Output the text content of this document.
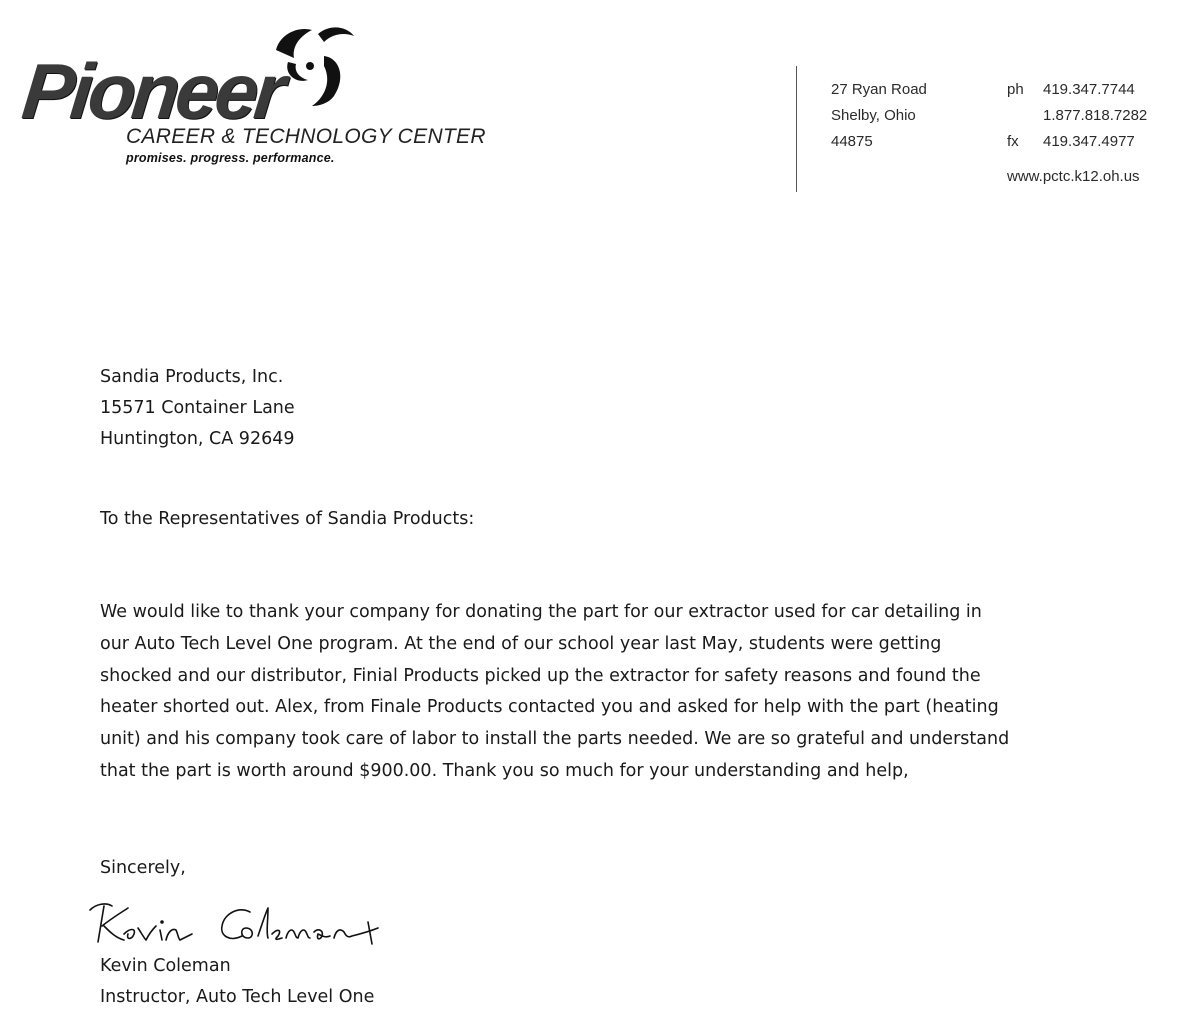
Pioneer
CAREER & TECHNOLOGY CENTER
promises. progress. performance.
27 Ryan Road
Shelby, Ohio
44875
ph 419.347.7744
1.877.818.7282
fx 419.347.4977
www.pctc.k12.oh.us
Sandia Products, Inc.
15571 Container Lane
Huntington, CA 92649
To the Representatives of Sandia Products:
We would like to thank your company for donating the part for our extractor used for car detailing in
our Auto Tech Level One program. At the end of our school year last May, students were getting
shocked and our distributor, Finial Products picked up the extractor for safety reasons and found the
heater shorted out. Alex, from Finale Products contacted you and asked for help with the part (heating
unit) and his company took care of labor to install the parts needed. We are so grateful and understand
that the part is worth around $900.00. Thank you so much for your understanding and help,
Sincerely,
Kevin Coleman
Instructor, Auto Tech Level One
